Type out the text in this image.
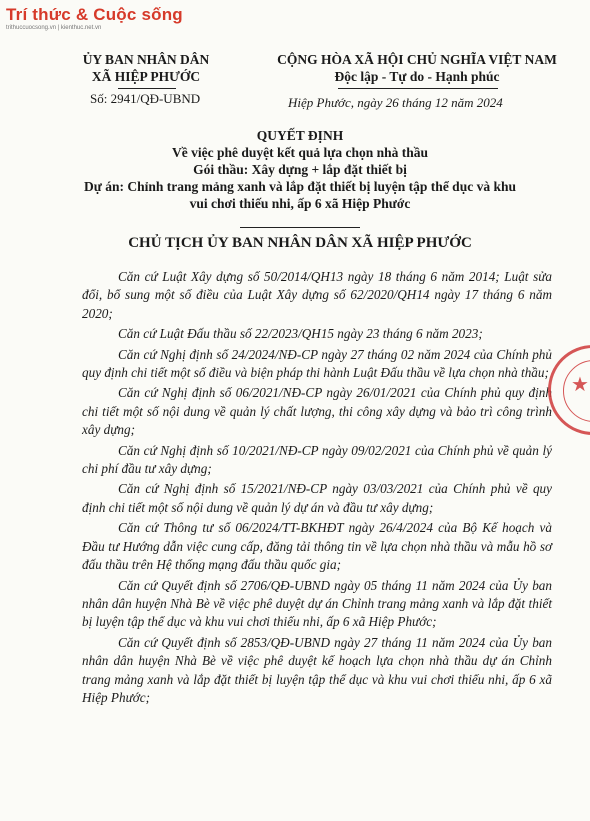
Trí thức & Cuộc sống
trithuccuocsong.vn | kienthuc.net.vn
ỦY BAN NHÂN DÂN
XÃ HIỆP PHƯỚC
CỘNG HÒA XÃ HỘI CHỦ NGHĨA VIỆT NAM
Độc lập - Tự do - Hạnh phúc
Số: 2941/QĐ-UBND	Hiệp Phước, ngày 26 tháng 12 năm 2024
QUYẾT ĐỊNH
Về việc phê duyệt kết quả lựa chọn nhà thầu
Gói thầu: Xây dựng + lắp đặt thiết bị
Dự án: Chỉnh trang mảng xanh và lắp đặt thiết bị luyện tập thể dục và khu
vui chơi thiếu nhi, ấp 6 xã Hiệp Phước
CHỦ TỊCH ỦY BAN NHÂN DÂN XÃ HIỆP PHƯỚC

Căn cứ Luật Xây dựng số 50/2014/QH13 ngày 18 tháng 6 năm 2014; Luật sửa đổi, bổ sung một số điều của Luật Xây dựng số 62/2020/QH14 ngày 17 tháng 6 năm 2020;

Căn cứ Luật Đấu thầu số 22/2023/QH15 ngày 23 tháng 6 năm 2023;

Căn cứ Nghị định số 24/2024/NĐ-CP ngày 27 tháng 02 năm 2024 của Chính phủ quy định chi tiết một số điều và biện pháp thi hành Luật Đấu thầu về lựa chọn nhà thầu;

Căn cứ Nghị định số 06/2021/NĐ-CP ngày 26/01/2021 của Chính phủ quy định chi tiết một số nội dung về quản lý chất lượng, thi công xây dựng và bảo trì công trình xây dựng;

Căn cứ Nghị định số 10/2021/NĐ-CP ngày 09/02/2021 của Chính phủ về quản lý chi phí đầu tư xây dựng;

Căn cứ Nghị định số 15/2021/NĐ-CP ngày 03/03/2021 của Chính phủ về quy định chi tiết một số nội dung về quản lý dự án và đầu tư xây dựng;

Căn cứ Thông tư số 06/2024/TT-BKHĐT ngày 26/4/2024 của Bộ Kế hoạch và Đầu tư Hướng dẫn việc cung cấp, đăng tải thông tin về lựa chọn nhà thầu và mẫu hồ sơ đấu thầu trên Hệ thống mạng đấu thầu quốc gia;

Căn cứ Quyết định số 2706/QĐ-UBND ngày 05 tháng 11 năm 2024 của Ủy ban nhân dân huyện Nhà Bè về việc phê duyệt dự án Chỉnh trang mảng xanh và lắp đặt thiết bị luyện tập thể dục và khu vui chơi thiếu nhi, ấp 6 xã Hiệp Phước;

Căn cứ Quyết định số 2853/QĐ-UBND ngày 27 tháng 11 năm 2024 của Ủy ban nhân dân huyện Nhà Bè về việc phê duyệt kế hoạch lựa chọn nhà thầu dự án Chỉnh trang mảng xanh và lắp đặt thiết bị luyện tập thể dục và khu vui chơi thiếu nhi, ấp 6 xã Hiệp Phước;

★
